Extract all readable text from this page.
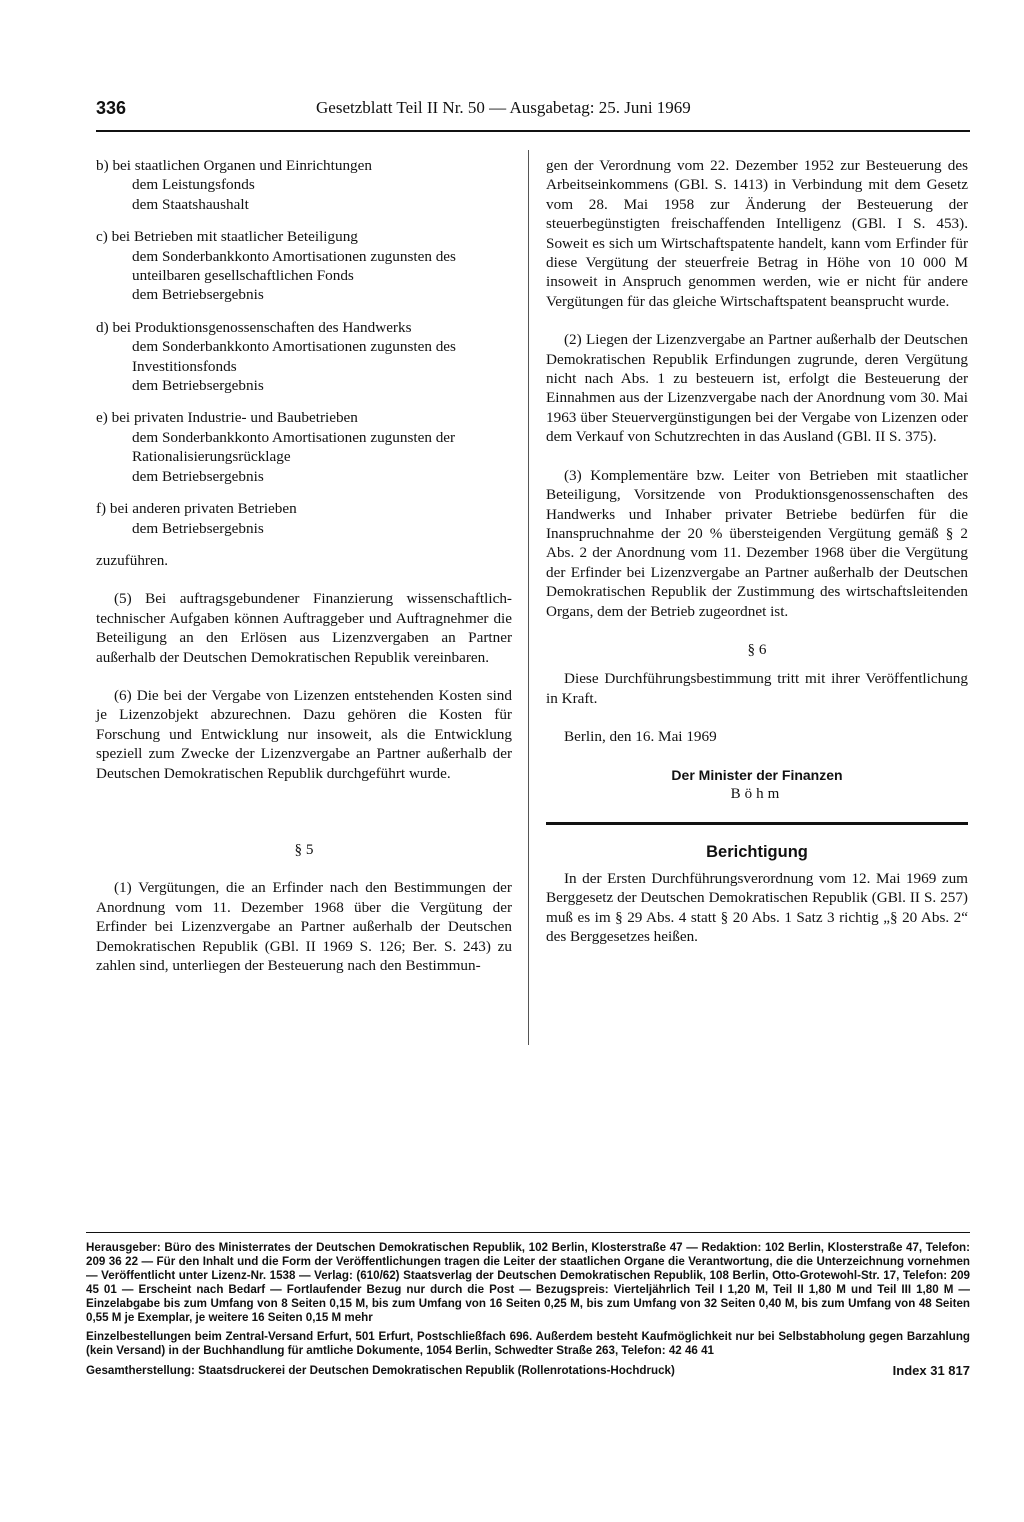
336	Gesetzblatt Teil II Nr. 50 — Ausgabetag: 25. Juni 1969
b) bei staatlichen Organen und Einrichtungen
dem Leistungsfonds
dem Staatshaushalt
c) bei Betrieben mit staatlicher Beteiligung
dem Sonderbankkonto Amortisationen zugunsten des unteilbaren gesellschaftlichen Fonds
dem Betriebsergebnis
d) bei Produktionsgenossenschaften des Handwerks
dem Sonderbankkonto Amortisationen zugunsten des Investitionsfonds
dem Betriebsergebnis
e) bei privaten Industrie- und Baubetrieben
dem Sonderbankkonto Amortisationen zugunsten der Rationalisierungsrücklage
dem Betriebsergebnis
f) bei anderen privaten Betrieben
dem Betriebsergebnis

zuzuführen.

(5) Bei auftragsgebundener Finanzierung wissenschaftlich-technischer Aufgaben können Auftraggeber und Auftragnehmer die Beteiligung an den Erlösen aus Lizenzvergaben an Partner außerhalb der Deutschen Demokratischen Republik vereinbaren.

(6) Die bei der Vergabe von Lizenzen entstehenden Kosten sind je Lizenzobjekt abzurechnen. Dazu gehören die Kosten für Forschung und Entwicklung nur insoweit, als die Entwicklung speziell zum Zwecke der Lizenzvergabe an Partner außerhalb der Deutschen Demokratischen Republik durchgeführt wurde.

§ 5

(1) Vergütungen, die an Erfinder nach den Bestimmungen der Anordnung vom 11. Dezember 1968 über die Vergütung der Erfinder bei Lizenzvergabe an Partner außerhalb der Deutschen Demokratischen Republik (GBl. II 1969 S. 126; Ber. S. 243) zu zahlen sind, unterliegen der Besteuerung nach den Bestimmun-

gen der Verordnung vom 22. Dezember 1952 zur Besteuerung des Arbeitseinkommens (GBl. S. 1413) in Verbindung mit dem Gesetz vom 28. Mai 1958 zur Änderung der Besteuerung der steuerbegünstigten freischaffenden Intelligenz (GBl. I S. 453). Soweit es sich um Wirtschaftspatente handelt, kann vom Erfinder für diese Vergütung der steuerfreie Betrag in Höhe von 10 000 M insoweit in Anspruch genommen werden, wie er nicht für andere Vergütungen für das gleiche Wirtschaftspatent beansprucht wurde.

(2) Liegen der Lizenzvergabe an Partner außerhalb der Deutschen Demokratischen Republik Erfindungen zugrunde, deren Vergütung nicht nach Abs. 1 zu besteuern ist, erfolgt die Besteuerung der Einnahmen aus der Lizenzvergabe nach der Anordnung vom 30. Mai 1963 über Steuervergünstigungen bei der Vergabe von Lizenzen oder dem Verkauf von Schutzrechten in das Ausland (GBl. II S. 375).

(3) Komplementäre bzw. Leiter von Betrieben mit staatlicher Beteiligung, Vorsitzende von Produktionsgenossenschaften des Handwerks und Inhaber privater Betriebe bedürfen für die Inanspruchnahme der 20 % übersteigenden Vergütung gemäß § 2 Abs. 2 der Anordnung vom 11. Dezember 1968 über die Vergütung der Erfinder bei Lizenzvergabe an Partner außerhalb der Deutschen Demokratischen Republik der Zustimmung des wirtschaftsleitenden Organs, dem der Betrieb zugeordnet ist.

§ 6

Diese Durchführungsbestimmung tritt mit ihrer Veröffentlichung in Kraft.

Berlin, den 16. Mai 1969

Der Minister der Finanzen

Böhm

Berichtigung

In der Ersten Durchführungsverordnung vom 12. Mai 1969 zum Berggesetz der Deutschen Demokratischen Republik (GBl. II S. 257) muß es im § 29 Abs. 4 statt § 20 Abs. 1 Satz 3 richtig „§ 20 Abs. 2“ des Berggesetzes heißen.

Herausgeber: Büro des Ministerrates der Deutschen Demokratischen Republik, 102 Berlin, Klosterstraße 47 — Redaktion: 102 Berlin, Klosterstraße 47, Telefon: 209 36 22 — Für den Inhalt und die Form der Veröffentlichungen tragen die Leiter der staatlichen Organe die Verantwortung, die die Unterzeichnung vornehmen — Veröffentlicht unter Lizenz-Nr. 1538 — Verlag: (610/62) Staatsverlag der Deutschen Demokratischen Republik, 108 Berlin, Otto-Grotewohl-Str. 17, Telefon: 209 45 01 — Erscheint nach Bedarf — Fortlaufender Bezug nur durch die Post — Bezugspreis: Vierteljährlich Teil I 1,20 M, Teil II 1,80 M und Teil III 1,80 M — Einzelabgabe bis zum Umfang von 8 Seiten 0,15 M, bis zum Umfang von 16 Seiten 0,25 M, bis zum Umfang von 32 Seiten 0,40 M, bis zum Umfang von 48 Seiten 0,55 M je Exemplar, je weitere 16 Seiten 0,15 M mehr

Einzelbestellungen beim Zentral-Versand Erfurt, 501 Erfurt, Postschließfach 696. Außerdem besteht Kaufmöglichkeit nur bei Selbstabholung gegen Barzahlung (kein Versand) in der Buchhandlung für amtliche Dokumente, 1054 Berlin, Schwedter Straße 263, Telefon: 42 46 41

Gesamtherstellung: Staatsdruckerei der Deutschen Demokratischen Republik (Rollenrotations-Hochdruck)	Index 31 817
